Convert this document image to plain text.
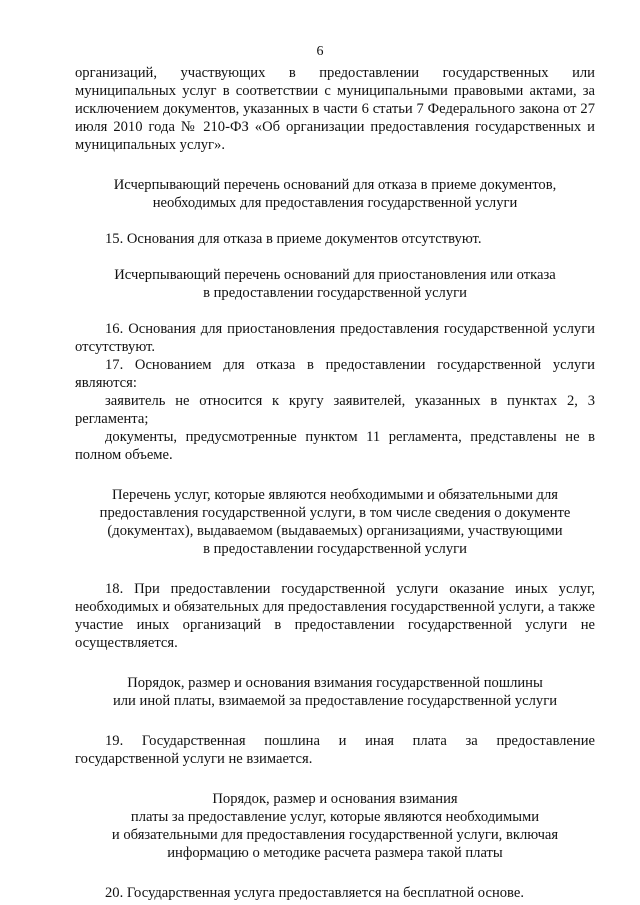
6

организаций, участвующих в предоставлении государственных или муниципальных услуг в соответствии с муниципальными правовыми актами, за исключением документов, указанных в части 6 статьи 7 Федерального закона от 27 июля 2010 года № 210-ФЗ «Об организации предоставления государственных и муниципальных услуг».

Исчерпывающий перечень оснований для отказа в приеме документов,

необходимых для предоставления государственной услуги

15. Основания для отказа в приеме документов отсутствуют.

Исчерпывающий перечень оснований для приостановления или отказа

в предоставлении государственной услуги

16. Основания для приостановления предоставления государственной услуги отсутствуют.

17. Основанием для отказа в предоставлении государственной услуги являются:

заявитель не относится к кругу заявителей, указанных в пунктах 2, 3 регламента;

документы, предусмотренные пунктом 11 регламента, представлены не в полном объеме.

Перечень услуг, которые являются необходимыми и обязательными для

предоставления государственной услуги, в том числе сведения о документе

(документах), выдаваемом (выдаваемых) организациями, участвующими

в предоставлении государственной услуги

18. При предоставлении государственной услуги оказание иных услуг, необходимых и обязательных для предоставления государственной услуги, а также участие иных организаций в предоставлении государственной услуги не осуществляется.

Порядок, размер и основания взимания государственной пошлины

или иной платы, взимаемой за предоставление государственной услуги

19. Государственная пошлина и иная плата за предоставление государственной услуги не взимается.

Порядок, размер и основания взимания

платы за предоставление услуг, которые являются необходимыми

и обязательными для предоставления государственной услуги, включая

информацию о методике расчета размера такой платы

20. Государственная услуга предоставляется на бесплатной основе.
